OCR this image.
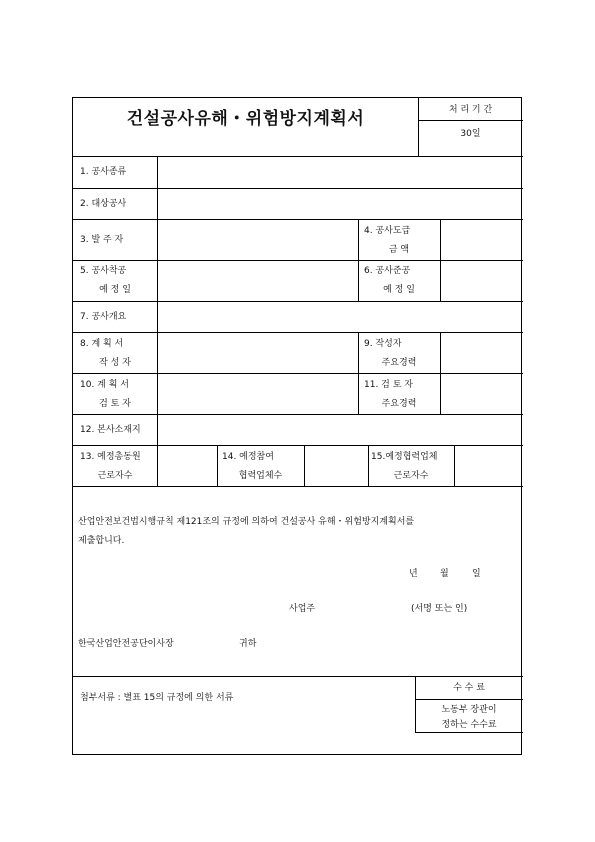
건설공사유해・위험방지계획서	처 리 기 간
30일
1. 공사종류
2. 대상공사
3. 발 주 자
4. 공사도급
금 액
5. 공사착공
예 정 일
6. 공사준공
예 정 일
7. 공사개요
8. 계 획 서
작 성 자
9. 작성자
주요경력
10. 계 획 서
검 토 자
11. 검 토 자
주요경력
12. 본사소재지
13. 예정총동원
근로자수
14. 예정참여
협력업체수
15.예정협력업체
근로자수
산업안전보건법시행규칙 제121조의 규정에 의하여 건설공사 유해・위험방지계획서를
제출합니다.
년 월	일
사업주	(서명 또는 인)
한국산업안전공단이사장	귀하
첨부서류 : 별표 15의 규정에 의한 서류
수 수 료
노동부 장관이
정하는 수수료
